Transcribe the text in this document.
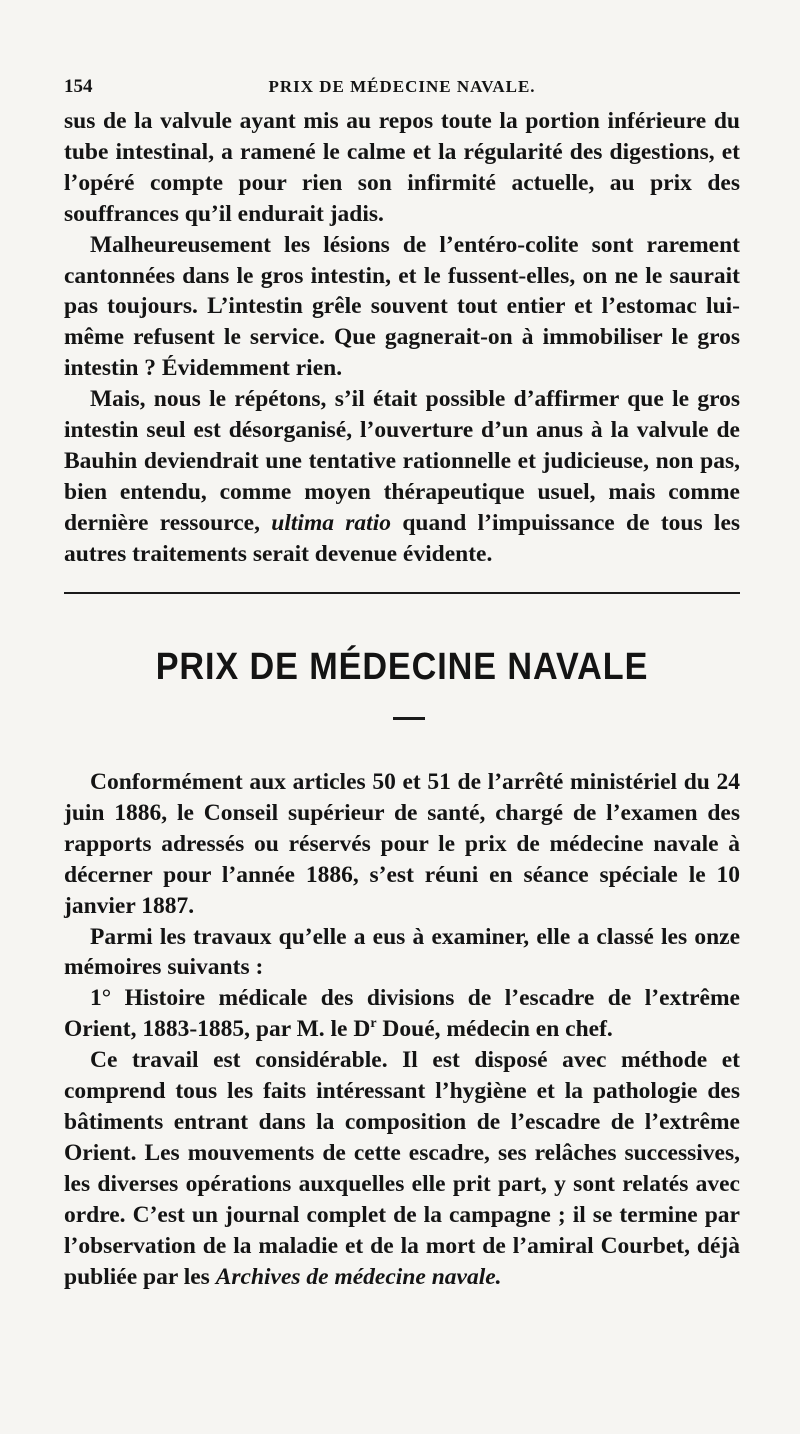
154	PRIX DE MÉDECINE NAVALE.

sus de la valvule ayant mis au repos toute la portion inférieure du tube intestinal, a ramené le calme et la régularité des digestions, et l’opéré compte pour rien son infirmité actuelle, au prix des souffrances qu’il endurait jadis.

Malheureusement les lésions de l’entéro-colite sont rarement cantonnées dans le gros intestin, et le fussent-elles, on ne le saurait pas toujours. L’intestin grêle souvent tout entier et l’estomac lui-même refusent le service. Que gagnerait-on à immobiliser le gros intestin ? Évidemment rien.

Mais, nous le répétons, s’il était possible d’affirmer que le gros intestin seul est désorganisé, l’ouverture d’un anus à la valvule de Bauhin deviendrait une tentative rationnelle et judicieuse, non pas, bien entendu, comme moyen thérapeutique usuel, mais comme dernière ressource, ultima ratio quand l’impuissance de tous les autres traitements serait devenue évidente.

PRIX DE MÉDECINE NAVALE

Conformément aux articles 50 et 51 de l’arrêté ministériel du 24 juin 1886, le Conseil supérieur de santé, chargé de l’examen des rapports adressés ou réservés pour le prix de médecine navale à décerner pour l’année 1886, s’est réuni en séance spéciale le 10 janvier 1887.

Parmi les travaux qu’elle a eus à examiner, elle a classé les onze mémoires suivants :

1° Histoire médicale des divisions de l’escadre de l’extrême Orient, 1883-1885, par M. le $D^r$ Doué, médecin en chef.

Ce travail est considérable. Il est disposé avec méthode et comprend tous les faits intéressant l’hygiène et la pathologie des bâtiments entrant dans la composition de l’escadre de l’extrême Orient. Les mouvements de cette escadre, ses relâches successives, les diverses opérations auxquelles elle prit part, y sont relatés avec ordre. C’est un journal complet de la campagne ; il se termine par l’observation de la maladie et de la mort de l’amiral Courbet, déjà publiée par les Archives de médecine navale.
